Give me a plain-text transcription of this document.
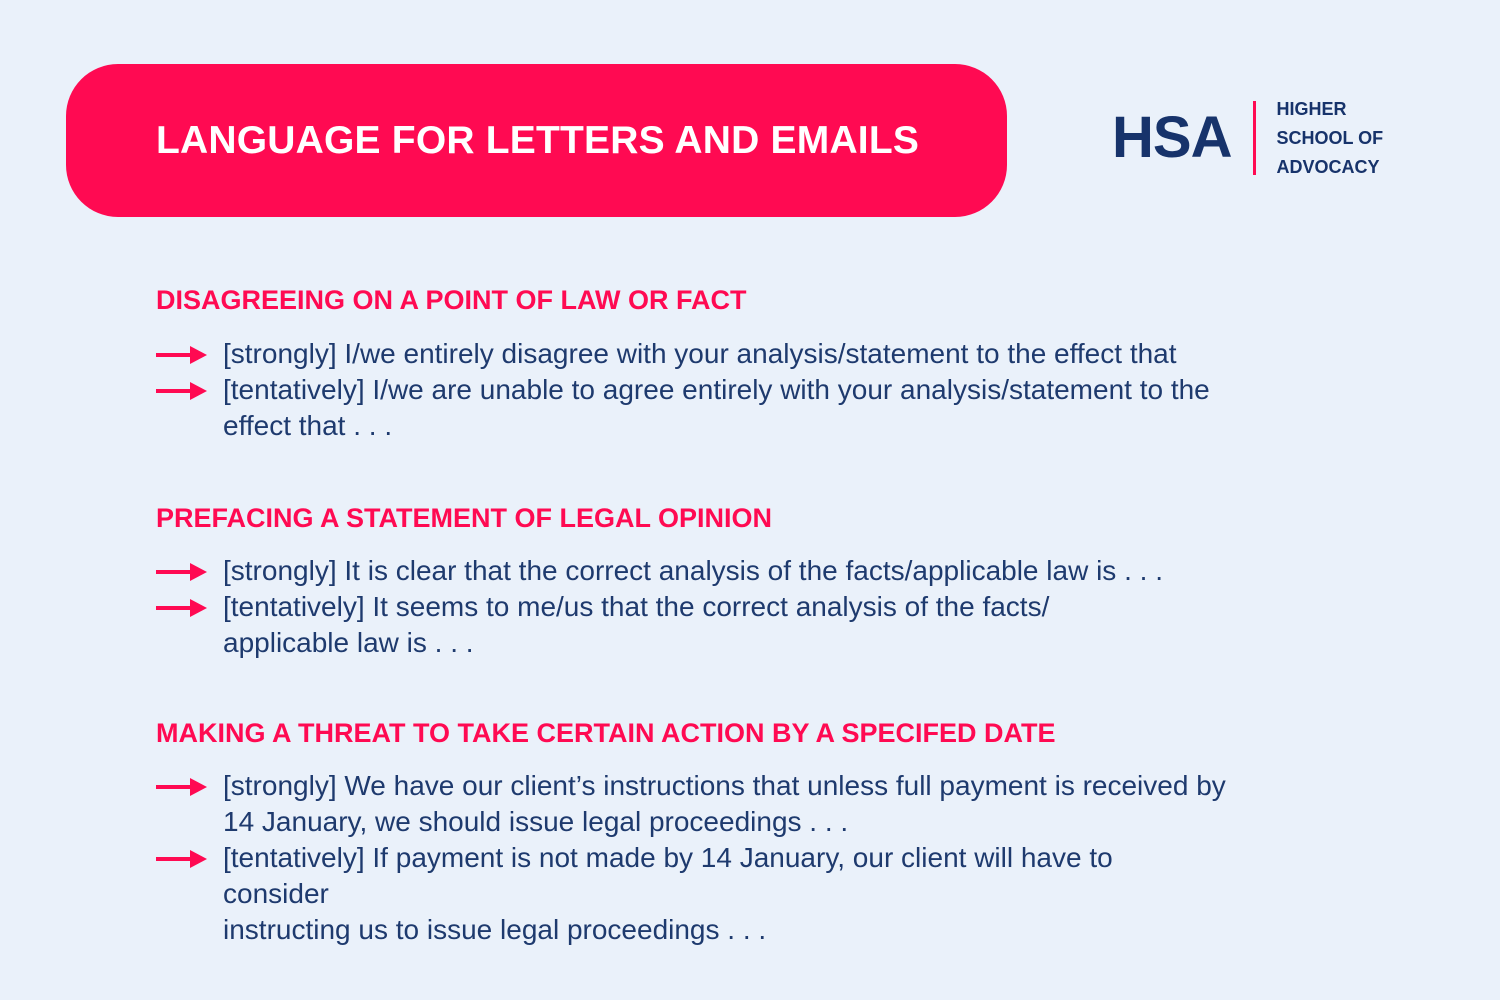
LANGUAGE FOR LETTERS AND EMAILS	HSA	HIGHER
SCHOOL OF
ADVOCACY
DISAGREEING ON A POINT OF LAW OR FACT
[strongly] I/we entirely disagree with your analysis/statement to the effect that
[tentatively] I/we are unable to agree entirely with your analysis/statement to the
effect that . . .
PREFACING A STATEMENT OF LEGAL OPINION
[strongly] It is clear that the correct analysis of the facts/applicable law is . . .
[tentatively] It seems to me/us that the correct analysis of the facts/
applicable law is . . .
MAKING A THREAT TO TAKE CERTAIN ACTION BY A SPECIFED DATE
[strongly] We have our client’s instructions that unless full payment is received by
14 January, we should issue legal proceedings . . .
[tentatively] If payment is not made by 14 January, our client will have to
consider
instructing us to issue legal proceedings . . .
